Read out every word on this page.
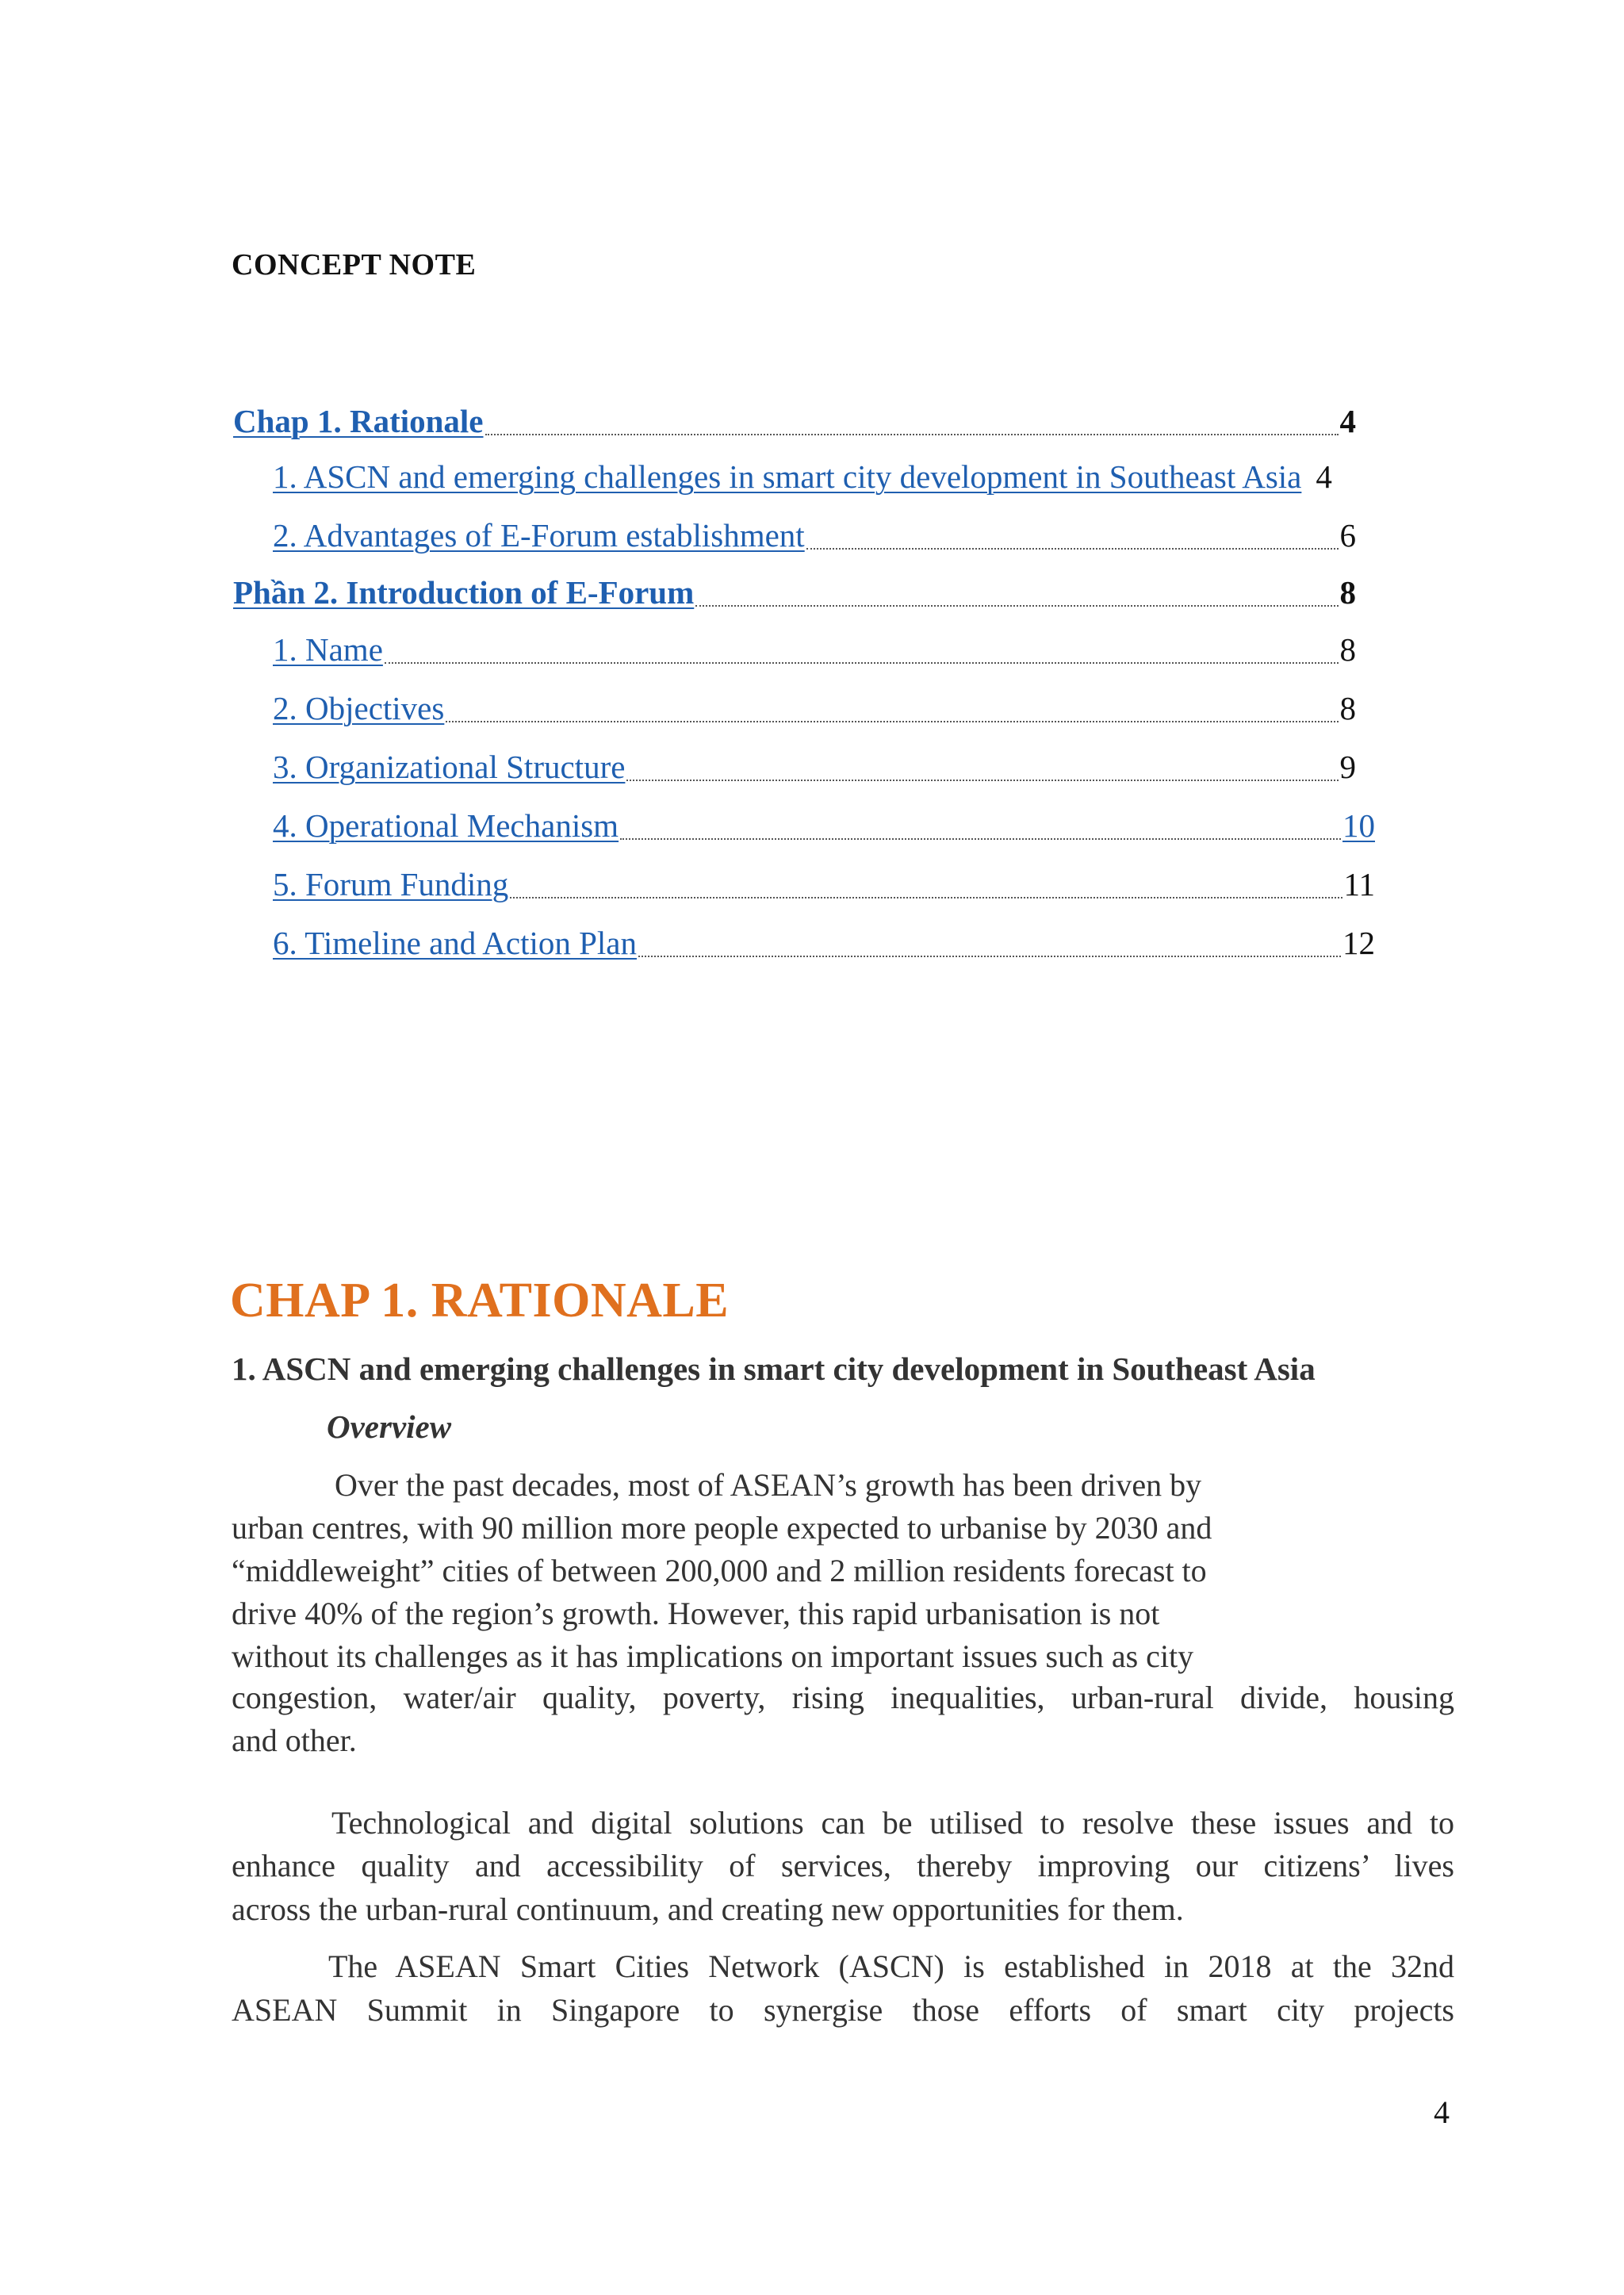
CONCEPT NOTE
Chap 1. Rationale	4
1. ASCN and emerging challenges in smart city development in Southeast Asia 4
2. Advantages of E-Forum establishment	6
Phần 2. Introduction of E-Forum	8
1. Name	8
2. Objectives	8
3. Organizational Structure	9
4. Operational Mechanism	10
5. Forum Funding	11
6. Timeline and Action Plan	12
CHAP 1. RATIONALE
1. ASCN and emerging challenges in smart city development in Southeast Asia
Overview
Over the past decades, most of ASEAN’s growth has been driven by
urban centres, with 90 million more people expected to urbanise by 2030 and
“middleweight” cities of between 200,000 and 2 million residents forecast to
drive 40% of the region’s growth. However, this rapid urbanisation is not
without its challenges as it has implications on important issues such as city
congestion, water/air quality, poverty, rising inequalities, urban-rural divide, housing
and other.
Technological and digital solutions can be utilised to resolve these issues and to
enhance quality and accessibility of services, thereby improving our citizens’ lives
across the urban-rural continuum, and creating new opportunities for them.
The ASEAN Smart Cities Network (ASCN) is established in 2018 at the 32nd
ASEAN Summit in Singapore to synergise those efforts of smart city projects
4
